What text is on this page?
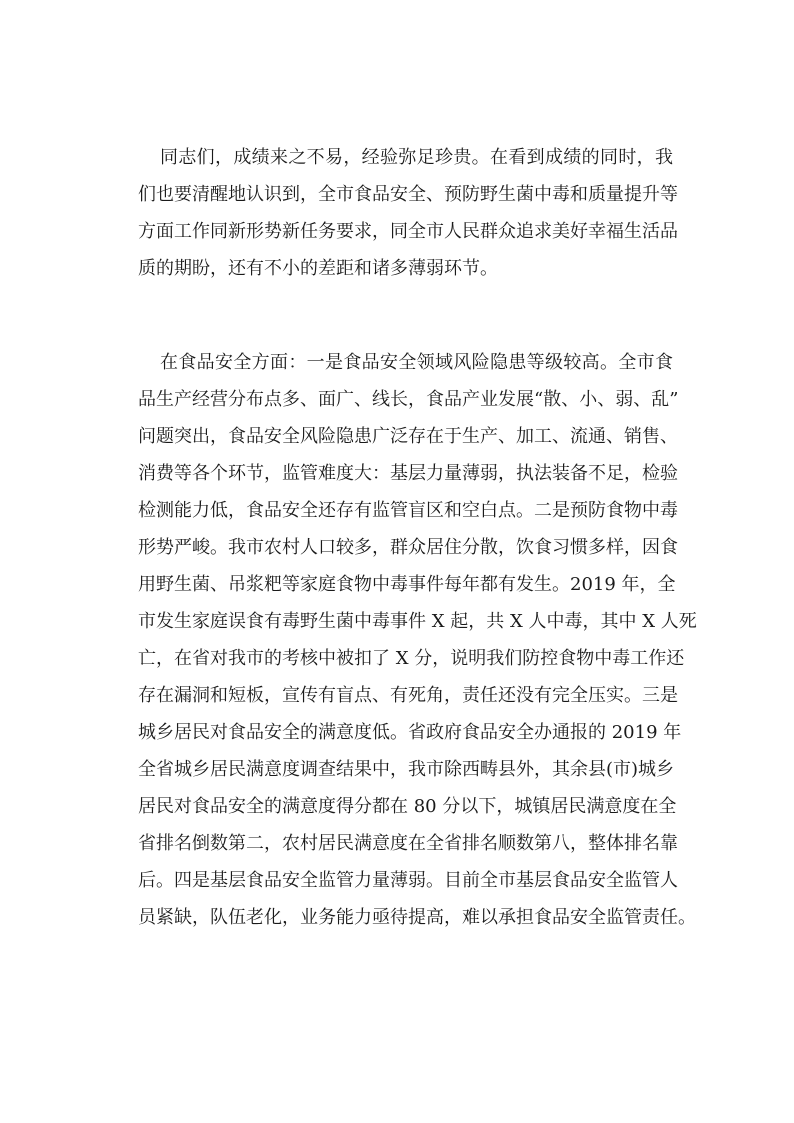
同志们，成绩来之不易，经验弥足珍贵。在看到成绩的同时，我

们也要清醒地认识到，全市食品安全、预防野生菌中毒和质量提升等

方面工作同新形势新任务要求，同全市人民群众追求美好幸福生活品

质的期盼，还有不小的差距和诸多薄弱环节。

在食品安全方面：一是食品安全领域风险隐患等级较高。全市食

品生产经营分布点多、面广、线长，食品产业发展“散、小、弱、乱”

问题突出，食品安全风险隐患广泛存在于生产、加工、流通、销售、

消费等各个环节，监管难度大：基层力量薄弱，执法装备不足，检验

检测能力低，食品安全还存有监管盲区和空白点。二是预防食物中毒

形势严峻。我市农村人口较多，群众居住分散，饮食习惯多样，因食

用野生菌、吊浆粑等家庭食物中毒事件每年都有发生。2019 年，全

市发生家庭误食有毒野生菌中毒事件 X 起，共 X 人中毒，其中 X 人死

亡，在省对我市的考核中被扣了 X 分，说明我们防控食物中毒工作还

存在漏洞和短板，宣传有盲点、有死角，责任还没有完全压实。三是

城乡居民对食品安全的满意度低。省政府食品安全办通报的 2019 年

全省城乡居民满意度调查结果中，我市除西畴县外，其余县(市)城乡

居民对食品安全的满意度得分都在 80 分以下，城镇居民满意度在全

省排名倒数第二，农村居民满意度在全省排名顺数第八，整体排名靠

后。四是基层食品安全监管力量薄弱。目前全市基层食品安全监管人

员紧缺，队伍老化，业务能力亟待提高，难以承担食品安全监管责任。
